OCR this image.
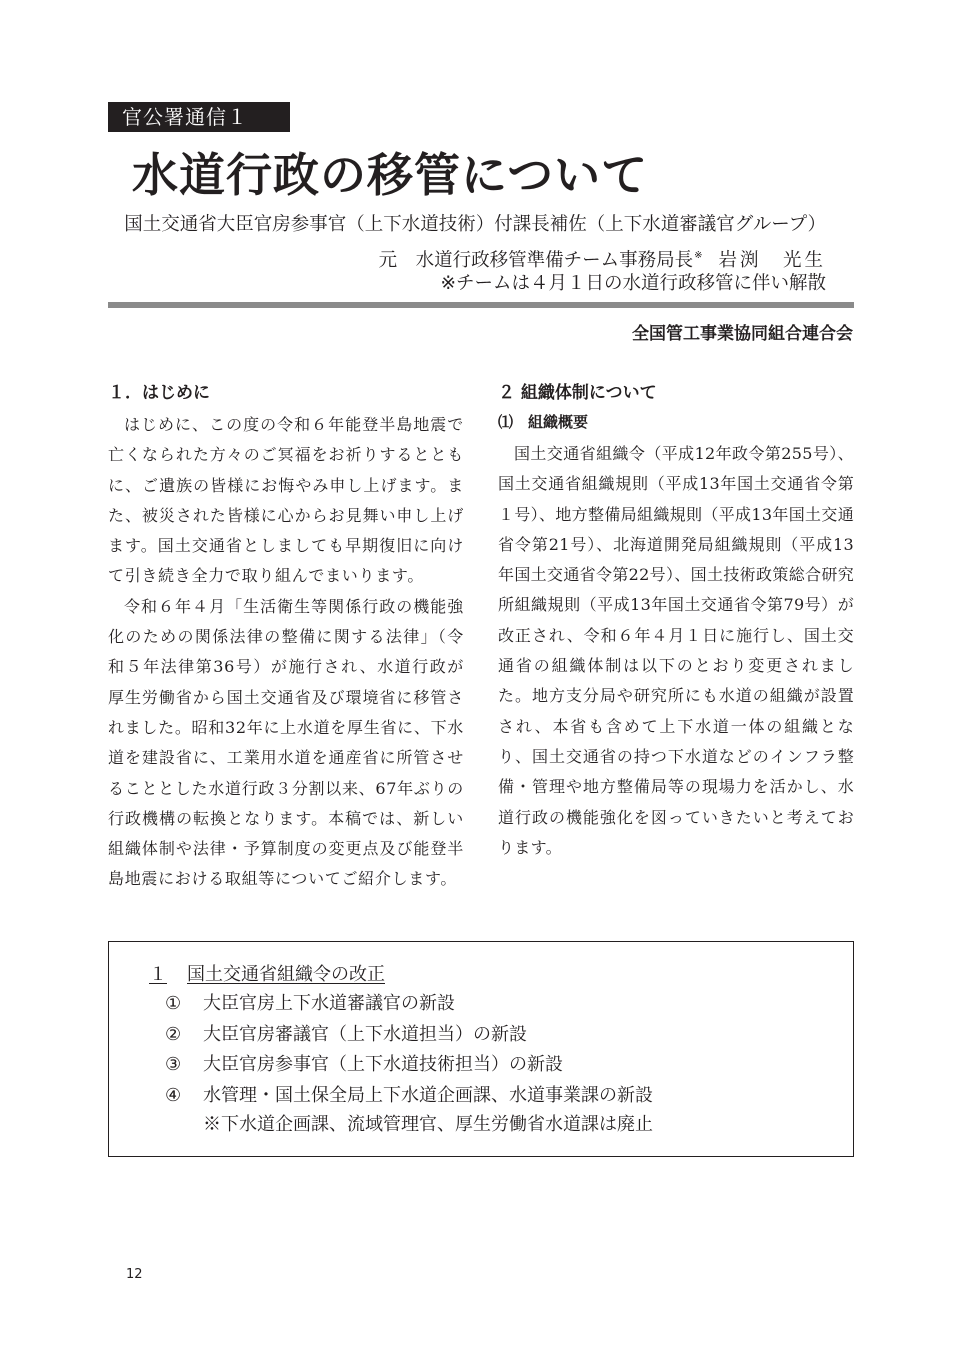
官公署通信１
水道行政の移管について
国土交通省大臣官房参事官（上下水道技術）付課長補佐（上下水道審議官グループ）
元　水道行政移管準備チーム事務局長※ 岩渕　光生
※チームは４月１日の水道行政移管に伴い解散
全国管工事業協同組合連合会
１．はじめに

はじめに、この度の令和６年能登半島地震で亡くなられた方々のご冥福をお祈りするとともに、ご遺族の皆様にお悔やみ申し上げます。また、被災された皆様に心からお見舞い申し上げます。国土交通省としましても早期復旧に向けて引き続き全力で取り組んでまいります。

令和６年４月「生活衛生等関係行政の機能強化のための関係法律の整備に関する法律」（令和５年法律第36号）が施行され、水道行政が厚生労働省から国土交通省及び環境省に移管されました。昭和32年に上水道を厚生省に、下水道を建設省に、工業用水道を通産省に所管させることとした水道行政３分割以来、67年ぶりの行政機構の転換となります。本稿では、新しい組織体制や法律・予算制度の変更点及び能登半島地震における取組等についてご紹介します。

２ 組織体制について
⑴　組織概要

国土交通省組織令（平成12年政令第255号）、国土交通省組織規則（平成13年国土交通省令第１号）、地方整備局組織規則（平成13年国土交通省令第21号）、北海道開発局組織規則（平成13年国土交通省令第22号）、国土技術政策総合研究所組織規則（平成13年国土交通省令第79号）が改正され、令和６年４月１日に施行し、国土交通省の組織体制は以下のとおり変更されました。地方支分局や研究所にも水道の組織が設置され、本省も含めて上下水道一体の組織となり、国土交通省の持つ下水道などのインフラ整備・管理や地方整備局等の現場力を活かし、水道行政の機能強化を図っていきたいと考えております。

１ 国土交通省組織令の改正
① 大臣官房上下水道審議官の新設
② 大臣官房審議官（上下水道担当）の新設
③ 大臣官房参事官（上下水道技術担当）の新設
④ 水管理・国土保全局上下水道企画課、水道事業課の新設
※下水道企画課、流域管理官、厚生労働省水道課は廃止
12
